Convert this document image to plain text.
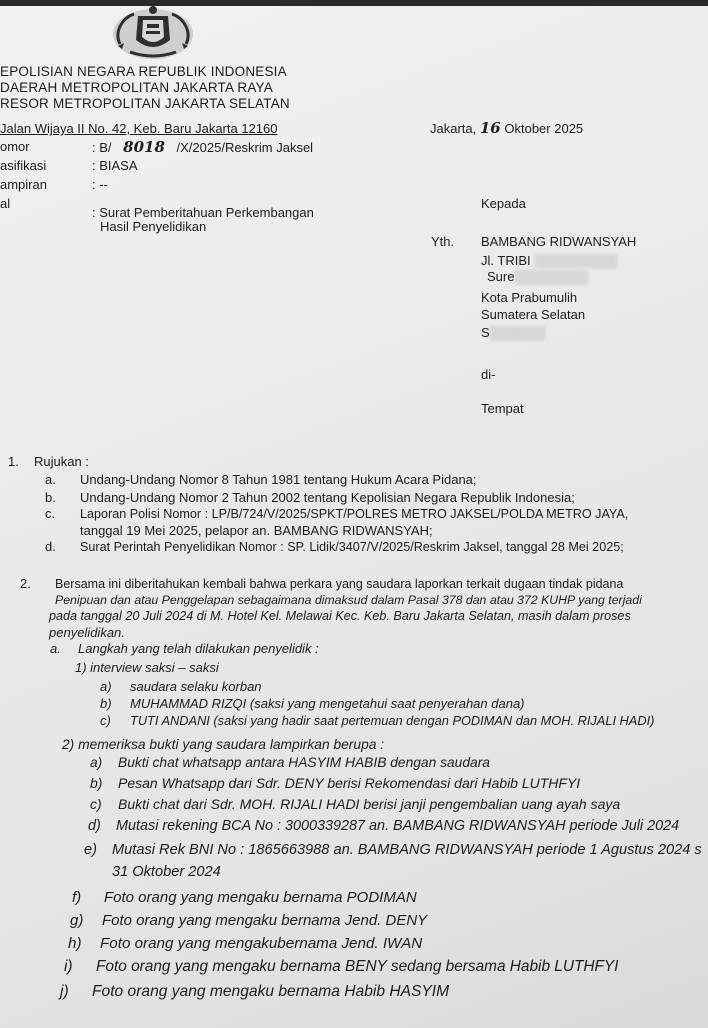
EPOLISIAN NEGARA REPUBLIK INDONESIA
DAERAH METROPOLITAN JAKARTA RAYA
RESOR METROPOLITAN JAKARTA SELATAN
Jalan Wijaya II No. 42, Keb. Baru Jakarta 12160	Jakarta, 16 Oktober 2025
omor	: B/ 8018 /X/2025/Reskrim Jaksel
asifikasi	: BIASA
ampiran	: --
al
: Surat Pemberitahuan Perkembangan
Hasil Penyelidikan
Kepada
Yth. BAMBANG RIDWANSYAH
Jl. TRIBI ░░░░░░░░░
Sure░░░░░░░░
Kota Prabumulih
Sumatera Selatan
S░░░░░░
di-
Tempat
1. Rujukan :
a. Undang-Undang Nomor 8 Tahun 1981 tentang Hukum Acara Pidana;
b. Undang-Undang Nomor 2 Tahun 2002 tentang Kepolisian Negara Republik Indonesia;
c. Laporan Polisi Nomor : LP/B/724/V/2025/SPKT/POLRES METRO JAKSEL/POLDA METRO JAYA,
tanggal 19 Mei 2025, pelapor an. BAMBANG RIDWANSYAH;
d. Surat Perintah Penyelidikan Nomor : SP. Lidik/3407/V/2025/Reskrim Jaksel, tanggal 28 Mei 2025;
2. Bersama ini diberitahukan kembali bahwa perkara yang saudara laporkan terkait dugaan tindak pidana
Penipuan dan atau Penggelapan sebagaimana dimaksud dalam Pasal 378 dan atau 372 KUHP yang terjadi
pada tanggal 20 Juli 2024 di M. Hotel Kel. Melawai Kec. Keb. Baru Jakarta Selatan, masih dalam proses
penyelidikan.
a. Langkah yang telah dilakukan penyelidik :
1) interview saksi – saksi
a) saudara selaku korban
b) MUHAMMAD RIZQI (saksi yang mengetahui saat penyerahan dana)
c) TUTI ANDANI (saksi yang hadir saat pertemuan dengan PODIMAN dan MOH. RIJALI HADI)
2) memeriksa bukti yang saudara lampirkan berupa :
a) Bukti chat whatsapp antara HASYIM HABIB dengan saudara
b) Pesan Whatsapp dari Sdr. DENY berisi Rekomendasi dari Habib LUTHFYI
c) Bukti chat dari Sdr. MOH. RIJALI HADI berisi janji pengembalian uang ayah saya
d) Mutasi rekening BCA No : 3000339287 an. BAMBANG RIDWANSYAH periode Juli 2024
e) Mutasi Rek BNI No : 1865663988 an. BAMBANG RIDWANSYAH periode 1 Agustus 2024 s
31 Oktober 2024
f) Foto orang yang mengaku bernama PODIMAN
g) Foto orang yang mengaku bernama Jend. DENY
h) Foto orang yang mengakubernama Jend. IWAN
i) Foto orang yang mengaku bernama BENY sedang bersama Habib LUTHFYI
j) Foto orang yang mengaku bernama Habib HASYIM
